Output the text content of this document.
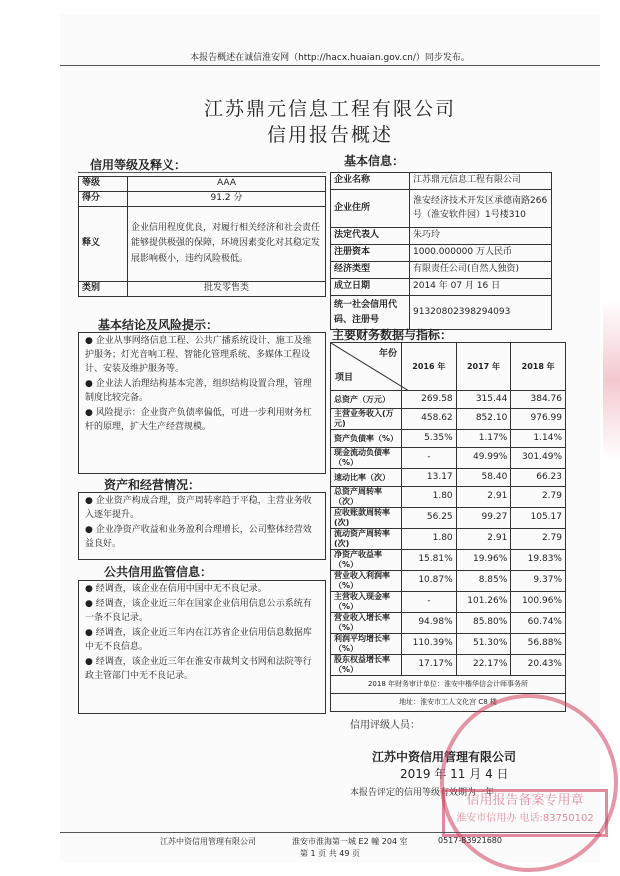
本报告概述在诚信淮安网（http://hacx.huaian.gov.cn/）同步发布。
江苏鼎元信息工程有限公司
信用报告概述
信用等级及释义：
等级	AAA
得分	91.2 分
释义	企业信用程度优良，对履行相关经济和社会责任能够提供极强的保障，环境因素变化对其稳定发展影响极小，违约风险极低。
类别	批发零售类
基本信息：
企业名称	江苏鼎元信息工程有限公司
企业住所	淮安经济技术开发区承德南路266号（淮安软件园）1号楼310
法定代表人	朱巧玲
注册资本	1000.000000 万人民币
经济类型	有限责任公司(自然人独资)
成立日期	2014 年 07 月 16 日
统一社会信用代码、注册号	91320802398294093
基本结论及风险提示：

● 企业从事网络信息工程、公共广播系统设计、施工及维护服务；灯光音响工程、智能化管理系统、多媒体工程设计、安装及维护服务等。

● 企业法人治理结构基本完善，组织结构设置合理，管理制度比较完备。

● 风险提示：企业资产负债率偏低，可进一步利用财务杠杆的原理，扩大生产经营规模。

资产和经营情况：

● 企业资产构成合理，资产周转率趋于平稳，主营业务收入逐年提升。

● 企业净资产收益和业务盈利合理增长，公司整体经营效益良好。

公共信用监管信息：

● 经调查，该企业在信用中国中无不良记录。

● 经调查，该企业近三年在国家企业信用信息公示系统有一条不良记录。

● 经调查，该企业近三年内在江苏省企业信用信息数据库中无不良信息。

● 经调查，该企业近三年在淮安市裁判文书网和法院等行政主管部门中无不良记录。

主要财务数据与指标：
年份
项目	2016 年	2017 年	2018 年
总资产（万元）	269.58	315.44	384.76
主营业务收入(万元)	458.62	852.10	976.99
资产负债率（%）	5.35%	1.17%	1.14%
现金流动负债率（%）	-	49.99%	301.49%
速动比率（次）	13.17	58.40	66.23
总资产周转率（次）	1.80	2.91	2.79
应收账款周转率(次)	56.25	99.27	105.17
流动资产周转率(次)	1.80	2.91	2.79
净资产收益率（%）	15.81%	19.96%	19.83%
营业收入利润率（%）	10.87%	8.85%	9.37%
主营收入现金率（%）	-	101.26%	100.96%
营业收入增长率（%）	94.98%	85.80%	60.74%
利润平均增长率（%）	110.39%	51.30%	56.88%
股东权益增长率（%）	17.17%	22.17%	20.43%
2018 年财务审计单位：淮安中楷华信会计师事务所			
地址：淮安市工人文化宫 C8 楼			
信用评级人员：
江苏中资信用管理有限公司
2019 年 11 月 4 日
本报告评定的信用等级有效期为一年
信用报告备案专用章
淮安市信用办 电话:83750102
江苏中资信用管理有限公司	淮安市淮海第一城 E2 幢 204 室	0517-83921680
第 1 页 共 49 页
